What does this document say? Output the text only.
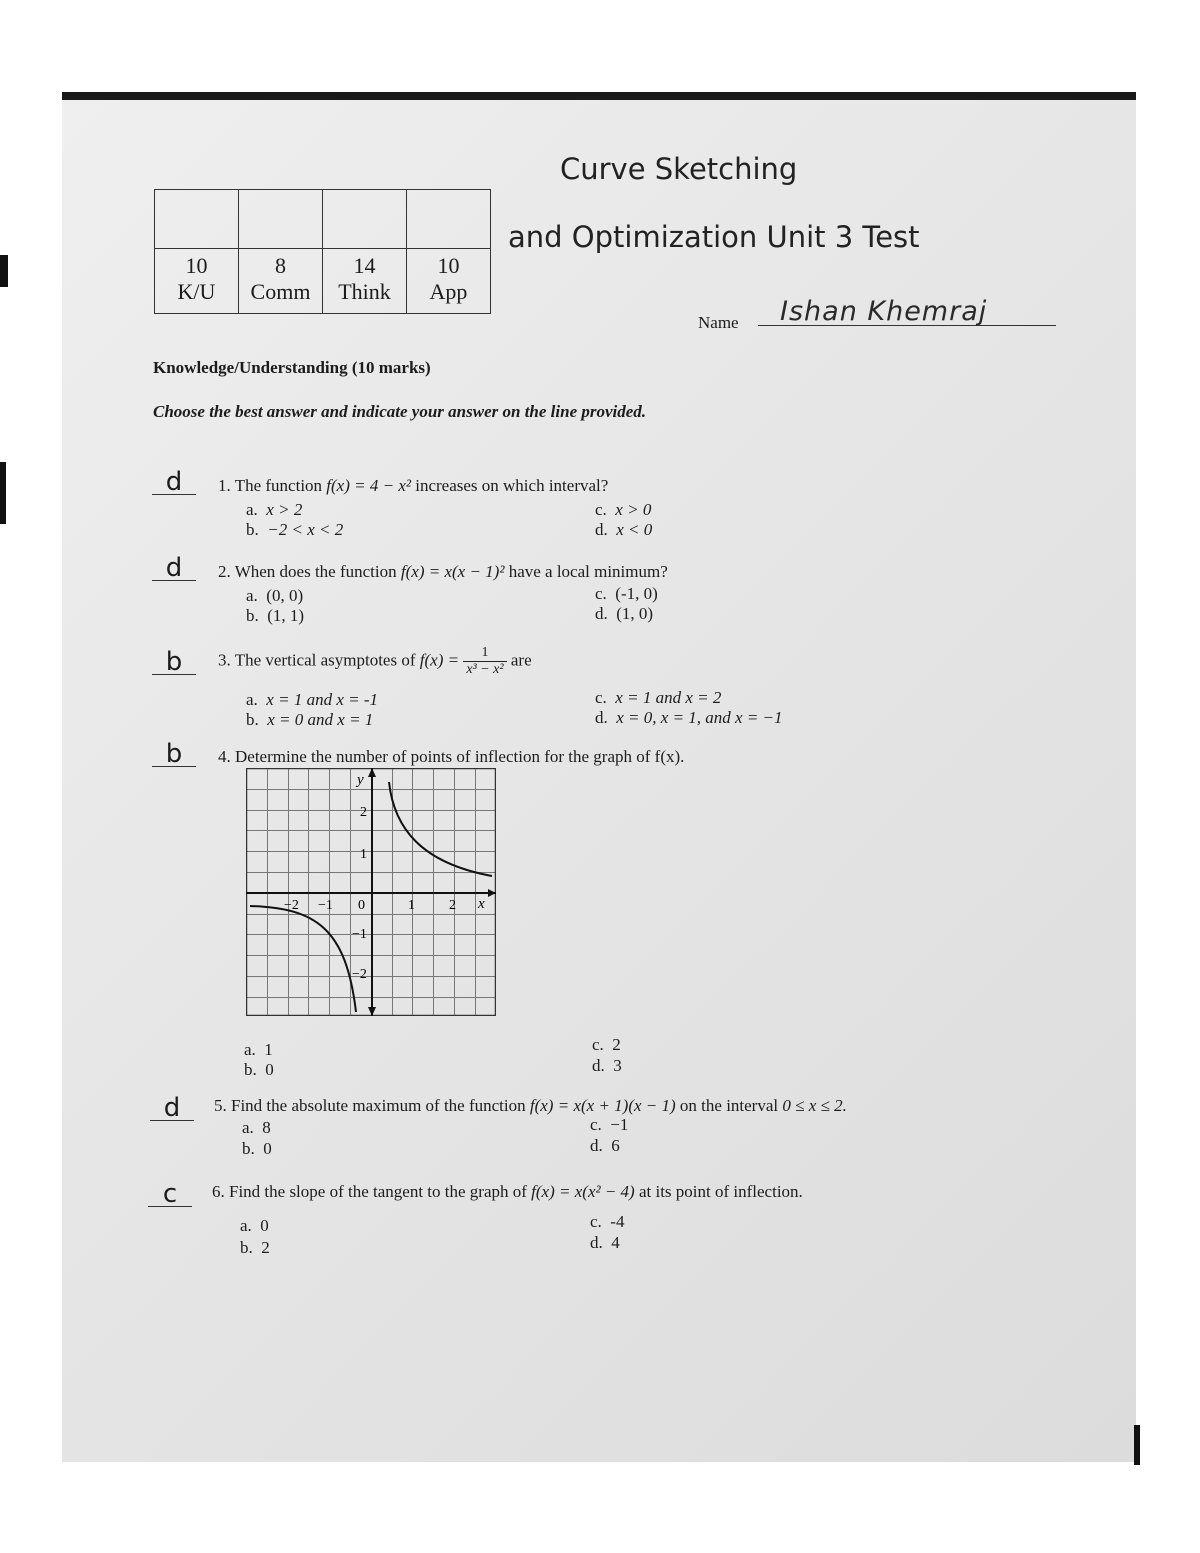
10	8	14	10
K/U	Comm	Think	App
Curve Sketching
and Optimization Unit 3 Test
Name Ishan Khemraj
Knowledge/Understanding (10 marks)
Choose the best answer and indicate your answer on the line provided.
d	1. The function f(x) = 4 − x² increases on which interval?
a.  x > 2
b.  −2 < x < 2
c.  x > 0
d.  x < 0
d	2. When does the function f(x) = x(x − 1)² have a local minimum?
a.  (0, 0)
b.  (1, 1)
c.  (-1, 0)
d.  (1, 0)
b	3. The vertical asymptotes of $f(x) = \frac{1}{\text{x³ − x²}}$ are
a.  x = 1 and x = -1
b.  x = 0 and x = 1
c.  x = 1 and x = 2
d.  x = 0, x = 1, and x = −1
b	4. Determine the number of points of inflection for the graph of f(x).
y
x
−2 −1 0	1 2
2
1
−1
−2
a.  1
b.  0
c.  2
d.  3
d	5. Find the absolute maximum of the function f(x) = x(x + 1)(x − 1) on the interval 0 ≤ x ≤ 2.
a.  8
b.  0
c.  −1
d.  6
c	6. Find the slope of the tangent to the graph of f(x) = x(x² − 4) at its point of inflection.
a.  0
b.  2
c.  -4
d.  4
